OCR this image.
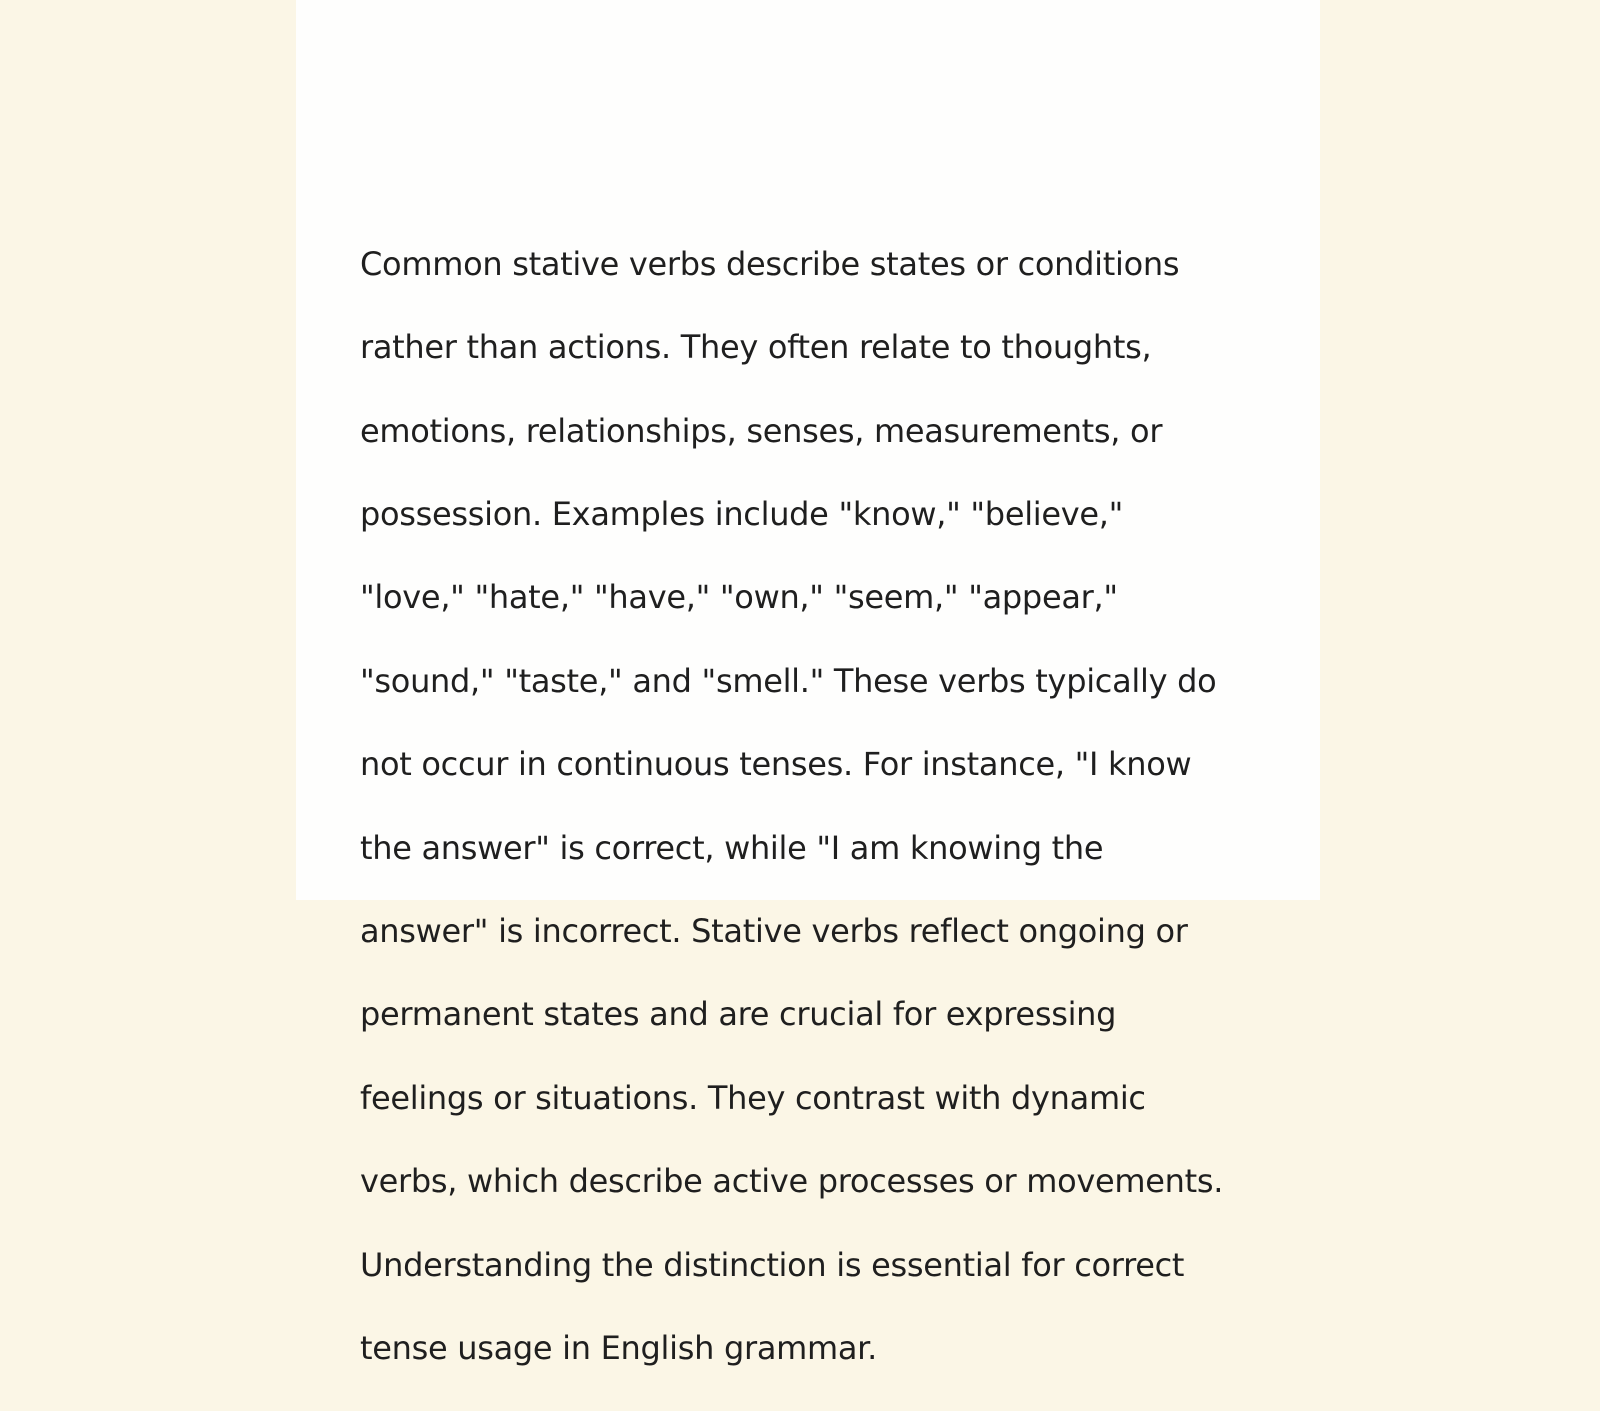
Common stative verbs describe states or conditions

rather than actions. They often relate to thoughts,

emotions, relationships, senses, measurements, or

possession. Examples include "know," "believe,"

"love," "hate," "have," "own," "seem," "appear,"

"sound," "taste," and "smell." These verbs typically do

not occur in continuous tenses. For instance, "I know

the answer" is correct, while "I am knowing the

answer" is incorrect. Stative verbs reflect ongoing or

permanent states and are crucial for expressing

feelings or situations. They contrast with dynamic

verbs, which describe active processes or movements.

Understanding the distinction is essential for correct

tense usage in English grammar.
